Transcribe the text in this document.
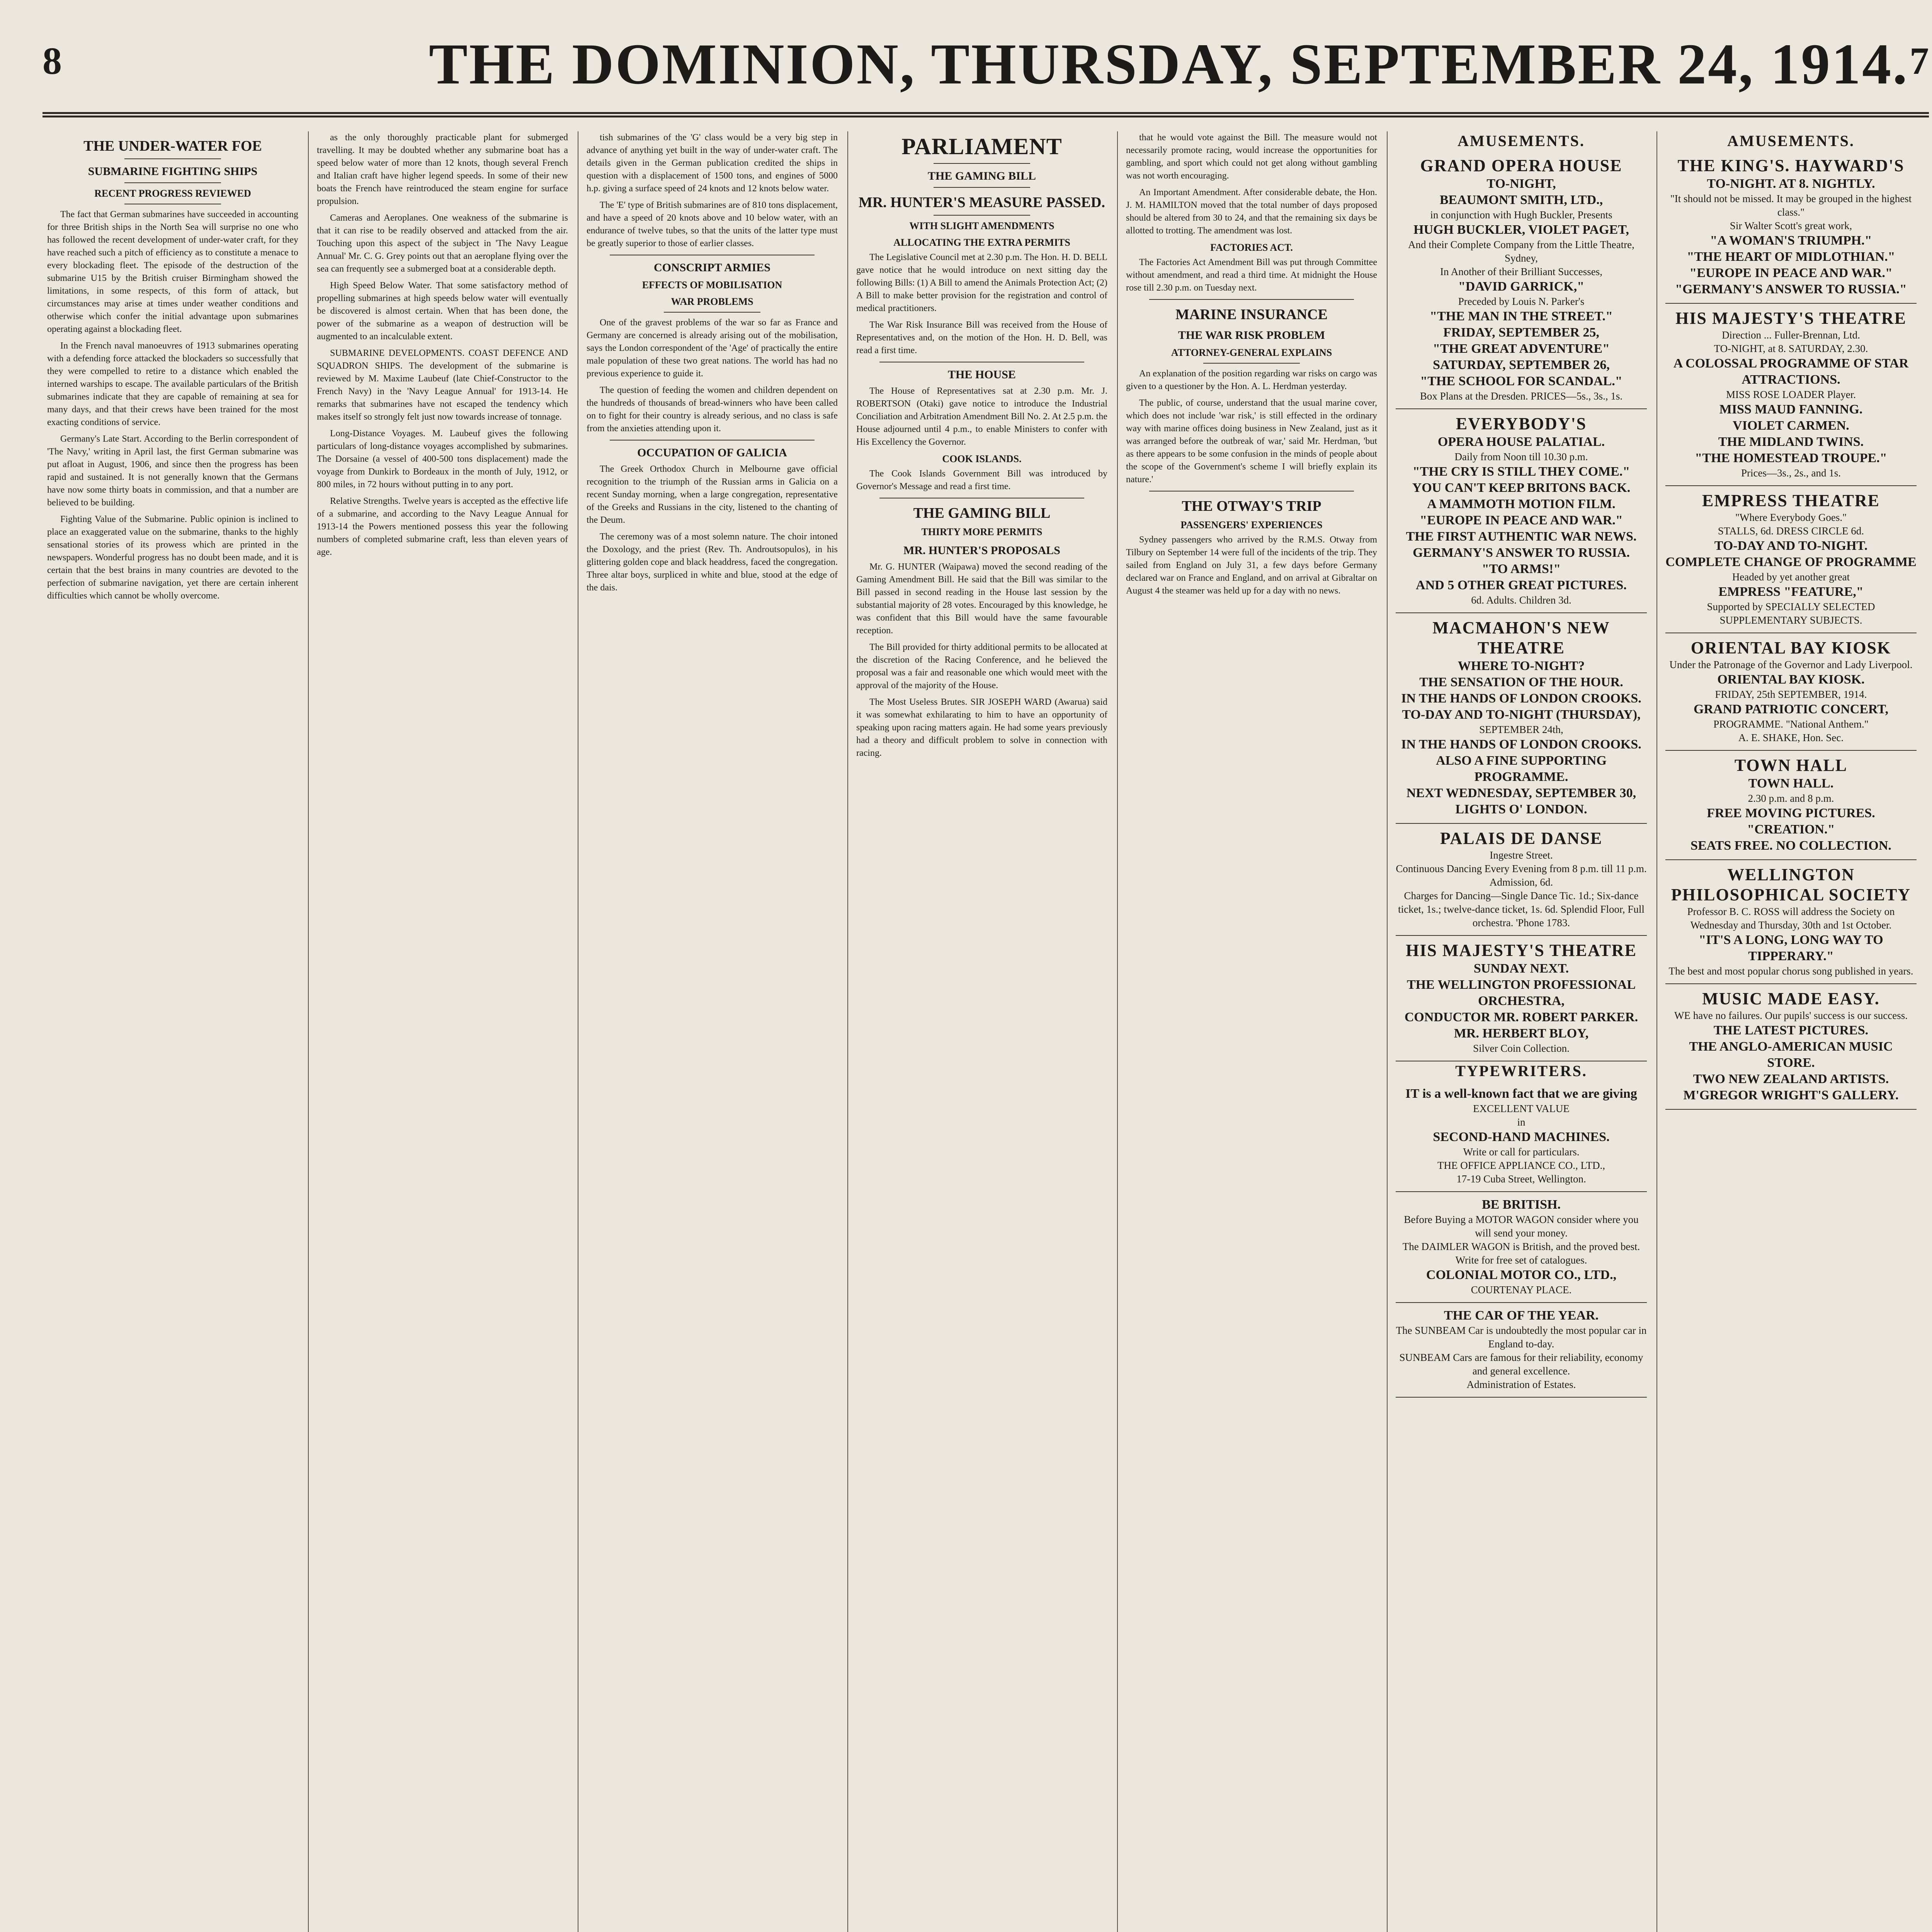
8	THE DOMINION, THURSDAY, SEPTEMBER 24, 1914. 7
THE UNDER-WATER FOE
SUBMARINE FIGHTING SHIPS
RECENT PROGRESS REVIEWED

The fact that German submarines have succeeded in accounting for three British ships in the North Sea will surprise no one who has followed the recent development of under-water craft, for they have reached such a pitch of efficiency as to constitute a menace to every blockading fleet. The episode of the destruction of the submarine U15 by the British cruiser Birmingham showed the limitations, in some respects, of this form of attack, but circumstances may arise at times under weather conditions and otherwise which confer the initial advantage upon submarines operating against a blockading fleet.

In the French naval manoeuvres of 1913 submarines operating with a defending force attacked the blockaders so successfully that they were compelled to retire to a distance which enabled the interned warships to escape. The available particulars of the British submarines indicate that they are capable of remaining at sea for many days, and that their crews have been trained for the most exacting conditions of service.

Germany's Late Start. According to the Berlin correspondent of 'The Navy,' writing in April last, the first German submarine was put afloat in August, 1906, and since then the progress has been rapid and sustained. It is not generally known that the Germans have now some thirty boats in commission, and that a number are believed to be building.

Fighting Value of the Submarine. Public opinion is inclined to place an exaggerated value on the submarine, thanks to the highly sensational stories of its prowess which are printed in the newspapers. Wonderful progress has no doubt been made, and it is certain that the best brains in many countries are devoted to the perfection of submarine navigation, yet there are certain inherent difficulties which cannot be wholly overcome.

as the only thoroughly practicable plant for submerged travelling. It may be doubted whether any submarine boat has a speed below water of more than 12 knots, though several French and Italian craft have higher legend speeds. In some of their new boats the French have reintroduced the steam engine for surface propulsion.

Cameras and Aeroplanes. One weakness of the submarine is that it can rise to be readily observed and attacked from the air. Touching upon this aspect of the subject in 'The Navy League Annual' Mr. C. G. Grey points out that an aeroplane flying over the sea can frequently see a submerged boat at a considerable depth.

High Speed Below Water. That some satisfactory method of propelling submarines at high speeds below water will eventually be discovered is almost certain. When that has been done, the power of the submarine as a weapon of destruction will be augmented to an incalculable extent.

SUBMARINE DEVELOPMENTS. COAST DEFENCE AND SQUADRON SHIPS. The development of the submarine is reviewed by M. Maxime Laubeuf (late Chief-Constructor to the French Navy) in the 'Navy League Annual' for 1913-14. He remarks that submarines have not escaped the tendency which makes itself so strongly felt just now towards increase of tonnage.

Long-Distance Voyages. M. Laubeuf gives the following particulars of long-distance voyages accomplished by submarines. The Dorsaine (a vessel of 400-500 tons displacement) made the voyage from Dunkirk to Bordeaux in the month of July, 1912, or 800 miles, in 72 hours without putting in to any port.

Relative Strengths. Twelve years is accepted as the effective life of a submarine, and according to the Navy League Annual for 1913-14 the Powers mentioned possess this year the following numbers of completed submarine craft, less than eleven years of age.

tish submarines of the 'G' class would be a very big step in advance of anything yet built in the way of under-water craft. The details given in the German publication credited the ships in question with a displacement of 1500 tons, and engines of 5000 h.p. giving a surface speed of 24 knots and 12 knots below water.

The 'E' type of British submarines are of 810 tons displacement, and have a speed of 20 knots above and 10 below water, with an endurance of twelve tubes, so that the units of the latter type must be greatly superior to those of earlier classes.

CONSCRIPT ARMIES
EFFECTS OF MOBILISATION
WAR PROBLEMS

One of the gravest problems of the war so far as France and Germany are concerned is already arising out of the mobilisation, says the London correspondent of the 'Age' of practically the entire male population of these two great nations. The world has had no previous experience to guide it.

The question of feeding the women and children dependent on the hundreds of thousands of bread-winners who have been called on to fight for their country is already serious, and no class is safe from the anxieties attending upon it.

OCCUPATION OF GALICIA

The Greek Orthodox Church in Melbourne gave official recognition to the triumph of the Russian arms in Galicia on a recent Sunday morning, when a large congregation, representative of the Greeks and Russians in the city, listened to the chanting of the Deum.

The ceremony was of a most solemn nature. The choir intoned the Doxology, and the priest (Rev. Th. Androutsopulos), in his glittering golden cope and black headdress, faced the congregation. Three altar boys, surpliced in white and blue, stood at the edge of the dais.

PARLIAMENT
THE GAMING BILL
MR. HUNTER'S MEASURE PASSED.
WITH SLIGHT AMENDMENTS
ALLOCATING THE EXTRA PERMITS

The Legislative Council met at 2.30 p.m. The Hon. H. D. BELL gave notice that he would introduce on next sitting day the following Bills: (1) A Bill to amend the Animals Protection Act; (2) A Bill to make better provision for the registration and control of medical practitioners.

The War Risk Insurance Bill was received from the House of Representatives and, on the motion of the Hon. H. D. Bell, was read a first time.

THE HOUSE

The House of Representatives sat at 2.30 p.m. Mr. J. ROBERTSON (Otaki) gave notice to introduce the Industrial Conciliation and Arbitration Amendment Bill No. 2. At 2.5 p.m. the House adjourned until 4 p.m., to enable Ministers to confer with His Excellency the Governor.

COOK ISLANDS.

The Cook Islands Government Bill was introduced by Governor's Message and read a first time.

THE GAMING BILL
THIRTY MORE PERMITS
MR. HUNTER'S PROPOSALS

Mr. G. HUNTER (Waipawa) moved the second reading of the Gaming Amendment Bill. He said that the Bill was similar to the Bill passed in second reading in the House last session by the substantial majority of 28 votes. Encouraged by this knowledge, he was confident that this Bill would have the same favourable reception.

The Bill provided for thirty additional permits to be allocated at the discretion of the Racing Conference, and he believed the proposal was a fair and reasonable one which would meet with the approval of the majority of the House.

The Most Useless Brutes. SIR JOSEPH WARD (Awarua) said it was somewhat exhilarating to him to have an opportunity of speaking upon racing matters again. He had some years previously had a theory and difficult problem to solve in connection with racing.

that he would vote against the Bill. The measure would not necessarily promote racing, would increase the opportunities for gambling, and sport which could not get along without gambling was not worth encouraging.

An Important Amendment. After considerable debate, the Hon. J. M. HAMILTON moved that the total number of days proposed should be altered from 30 to 24, and that the remaining six days be allotted to trotting. The amendment was lost.

FACTORIES ACT.

The Factories Act Amendment Bill was put through Committee without amendment, and read a third time. At midnight the House rose till 2.30 p.m. on Tuesday next.

MARINE INSURANCE
THE WAR RISK PROBLEM
ATTORNEY-GENERAL EXPLAINS

An explanation of the position regarding war risks on cargo was given to a questioner by the Hon. A. L. Herdman yesterday.

The public, of course, understand that the usual marine cover, which does not include 'war risk,' is still effected in the ordinary way with marine offices doing business in New Zealand, just as it was arranged before the outbreak of war,' said Mr. Herdman, 'but as there appears to be some confusion in the minds of people about the scope of the Government's scheme I will briefly explain its nature.'

THE OTWAY'S TRIP
PASSENGERS' EXPERIENCES

Sydney passengers who arrived by the R.M.S. Otway from Tilbury on September 14 were full of the incidents of the trip. They sailed from England on July 31, a few days before Germany declared war on France and England, and on arrival at Gibraltar on August 4 the steamer was held up for a day with no news.

AMUSEMENTS.
GRAND OPERA HOUSE
TO-NIGHT,
BEAUMONT SMITH, LTD.,
in conjunction with Hugh Buckler, Presents
HUGH BUCKLER, VIOLET PAGET,
And their Complete Company from the Little Theatre, Sydney,
In Another of their Brilliant Successes,
"DAVID GARRICK,"
Preceded by Louis N. Parker's
"THE MAN IN THE STREET."
FRIDAY, SEPTEMBER 25,
"THE GREAT ADVENTURE"
SATURDAY, SEPTEMBER 26,
"THE SCHOOL FOR SCANDAL."
Box Plans at the Dresden. PRICES—5s., 3s., 1s.
EVERYBODY'S
OPERA HOUSE PALATIAL.
Daily from Noon till 10.30 p.m.
"THE CRY IS STILL THEY COME."
YOU CAN'T KEEP BRITONS BACK.
A MAMMOTH MOTION FILM.
"EUROPE IN PEACE AND WAR."
THE FIRST AUTHENTIC WAR NEWS.
GERMANY'S ANSWER TO RUSSIA.
"TO ARMS!"
AND 5 OTHER GREAT PICTURES.
6d. Adults. Children 3d.
MACMAHON'S NEW THEATRE
WHERE TO-NIGHT?
THE SENSATION OF THE HOUR.
IN THE HANDS OF LONDON CROOKS.
TO-DAY AND TO-NIGHT (THURSDAY),
SEPTEMBER 24th,
IN THE HANDS OF LONDON CROOKS.
ALSO A FINE SUPPORTING PROGRAMME.
NEXT WEDNESDAY, SEPTEMBER 30,
LIGHTS O' LONDON.
PALAIS DE DANSE
Ingestre Street.
Continuous Dancing Every Evening from 8 p.m. till 11 p.m. Admission, 6d.
Charges for Dancing—Single Dance Tic. 1d.; Six-dance ticket, 1s.; twelve-dance ticket, 1s. 6d. Splendid Floor, Full orchestra. 'Phone 1783.
HIS MAJESTY'S THEATRE
SUNDAY NEXT.
THE WELLINGTON PROFESSIONAL ORCHESTRA,
CONDUCTOR MR. ROBERT PARKER.
MR. HERBERT BLOY,
Silver Coin Collection.
TYPEWRITERS.
IT is a well-known fact that we are giving
EXCELLENT VALUE
in
SECOND-HAND MACHINES.
Write or call for particulars.
THE OFFICE APPLIANCE CO., LTD.,
17-19 Cuba Street, Wellington.
BE BRITISH.
Before Buying a MOTOR WAGON consider where you will send your money.
The DAIMLER WAGON is British, and the proved best.
Write for free set of catalogues.
COLONIAL MOTOR CO., LTD.,
COURTENAY PLACE.
THE CAR OF THE YEAR.
The SUNBEAM Car is undoubtedly the most popular car in England to-day.
SUNBEAM Cars are famous for their reliability, economy and general excellence.
Administration of Estates.
AMUSEMENTS.
THE KING'S. HAYWARD'S
TO-NIGHT. AT 8. NIGHTLY.
"It should not be missed. It may be grouped in the highest class."
Sir Walter Scott's great work,
"A WOMAN'S TRIUMPH."
"THE HEART OF MIDLOTHIAN."
"EUROPE IN PEACE AND WAR."
"GERMANY'S ANSWER TO RUSSIA."
HIS MAJESTY'S THEATRE
Direction ... Fuller-Brennan, Ltd.
TO-NIGHT, at 8. SATURDAY, 2.30.
A COLOSSAL PROGRAMME OF STAR ATTRACTIONS.
MISS ROSE LOADER Player.
MISS MAUD FANNING.
VIOLET CARMEN.
THE MIDLAND TWINS.
"THE HOMESTEAD TROUPE."
Prices—3s., 2s., and 1s.
EMPRESS THEATRE
"Where Everybody Goes."
STALLS, 6d. DRESS CIRCLE 6d.
TO-DAY AND TO-NIGHT.
COMPLETE CHANGE OF PROGRAMME
Headed by yet another great
EMPRESS "FEATURE,"
Supported by SPECIALLY SELECTED SUPPLEMENTARY SUBJECTS.
ORIENTAL BAY KIOSK
Under the Patronage of the Governor and Lady Liverpool.
ORIENTAL BAY KIOSK.
FRIDAY, 25th SEPTEMBER, 1914.
GRAND PATRIOTIC CONCERT,
PROGRAMME. "National Anthem."
A. E. SHAKE, Hon. Sec.
TOWN HALL
TOWN HALL.
2.30 p.m. and 8 p.m.
FREE MOVING PICTURES.
"CREATION."
SEATS FREE. NO COLLECTION.
WELLINGTON PHILOSOPHICAL SOCIETY
Professor B. C. ROSS will address the Society on Wednesday and Thursday, 30th and 1st October.
"IT'S A LONG, LONG WAY TO TIPPERARY."
The best and most popular chorus song published in years.
MUSIC MADE EASY.
WE have no failures. Our pupils' success is our success.
THE LATEST PICTURES.
THE ANGLO-AMERICAN MUSIC STORE.
TWO NEW ZEALAND ARTISTS.
M'GREGOR WRIGHT'S GALLERY.
